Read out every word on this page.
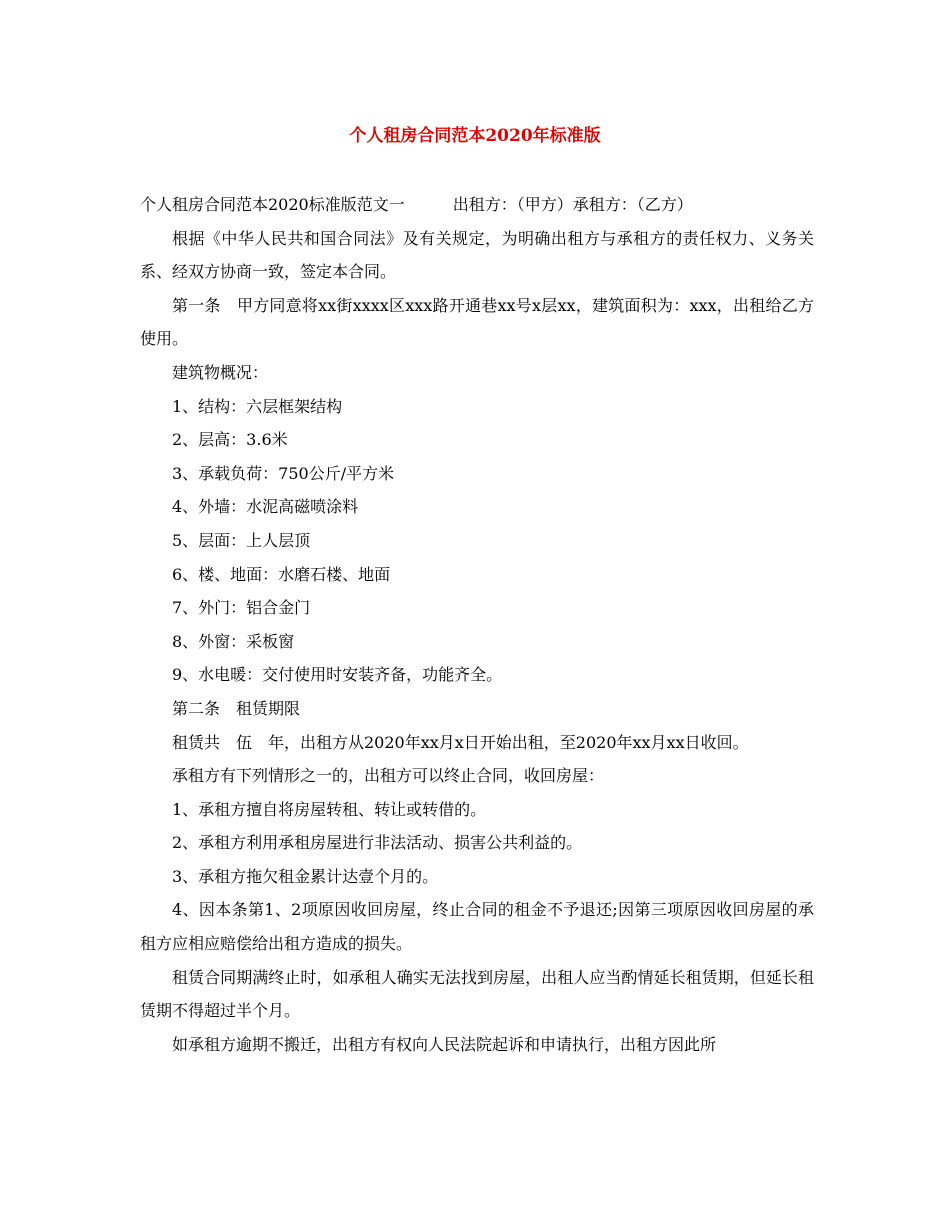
个人租房合同范本2020年标准版

个人租房合同范本2020标准版范文一　　　出租方：（甲方）承租方：（乙方）

根据《中华人民共和国合同法》及有关规定，为明确出租方与承租方的责任权力、义务关系、经双方协商一致，签定本合同。

第一条　甲方同意将xx街xxxx区xxx路开通巷xx号x层xx，建筑面积为：xxx，出租给乙方使用。

建筑物概况：

1、结构：六层框架结构

2、层高：3.6米

3、承载负荷：750公斤/平方米

4、外墙：水泥高磁喷涂料

5、层面：上人层顶

6、楼、地面：水磨石楼、地面

7、外门：铝合金门

8、外窗：采板窗

9、水电暖：交付使用时安装齐备，功能齐全。

第二条　租赁期限

租赁共　伍　年，出租方从2020年xx月x日开始出租，至2020年xx月xx日收回。

承租方有下列情形之一的，出租方可以终止合同，收回房屋：

1、承租方擅自将房屋转租、转让或转借的。

2、承租方利用承租房屋进行非法活动、损害公共利益的。

3、承租方拖欠租金累计达壹个月的。

4、因本条第1、2项原因收回房屋，终止合同的租金不予退还;因第三项原因收回房屋的承租方应相应赔偿给出租方造成的损失。

租赁合同期满终止时，如承租人确实无法找到房屋，出租人应当酌情延长租赁期，但延长租赁期不得超过半个月。

如承租方逾期不搬迁，出租方有权向人民法院起诉和申请执行，出租方因此所
